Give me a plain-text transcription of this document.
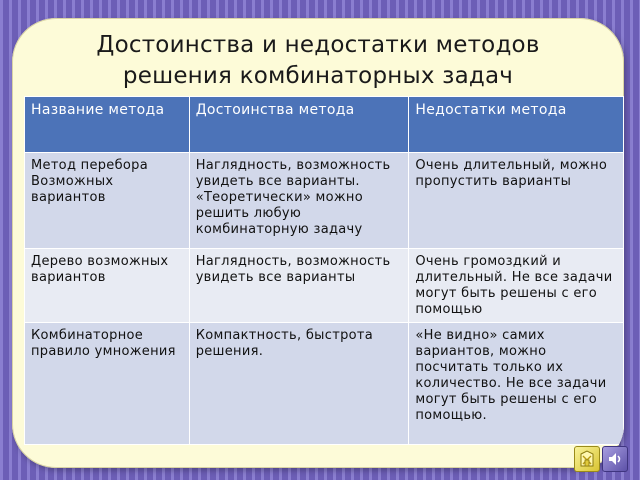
Достоинства и недостатки методов
решения комбинаторных задач
Название метода	Достоинства метода	Недостатки метода
Метод перебора Возможных вариантов	Наглядность, возможность увидеть все варианты. «Теоретически» можно решить любую комбинаторную задачу	Очень длительный, можно пропустить варианты
Дерево возможных вариантов	Наглядность, возможность увидеть все варианты	Очень громоздкий и длительный. Не все задачи могут быть решены с его помощью
Комбинаторное правило умножения	Компактность, быстрота решения.	«Не видно» самих вариантов, можно посчитать только их количество. Не все задачи могут быть решены с его помощью.
